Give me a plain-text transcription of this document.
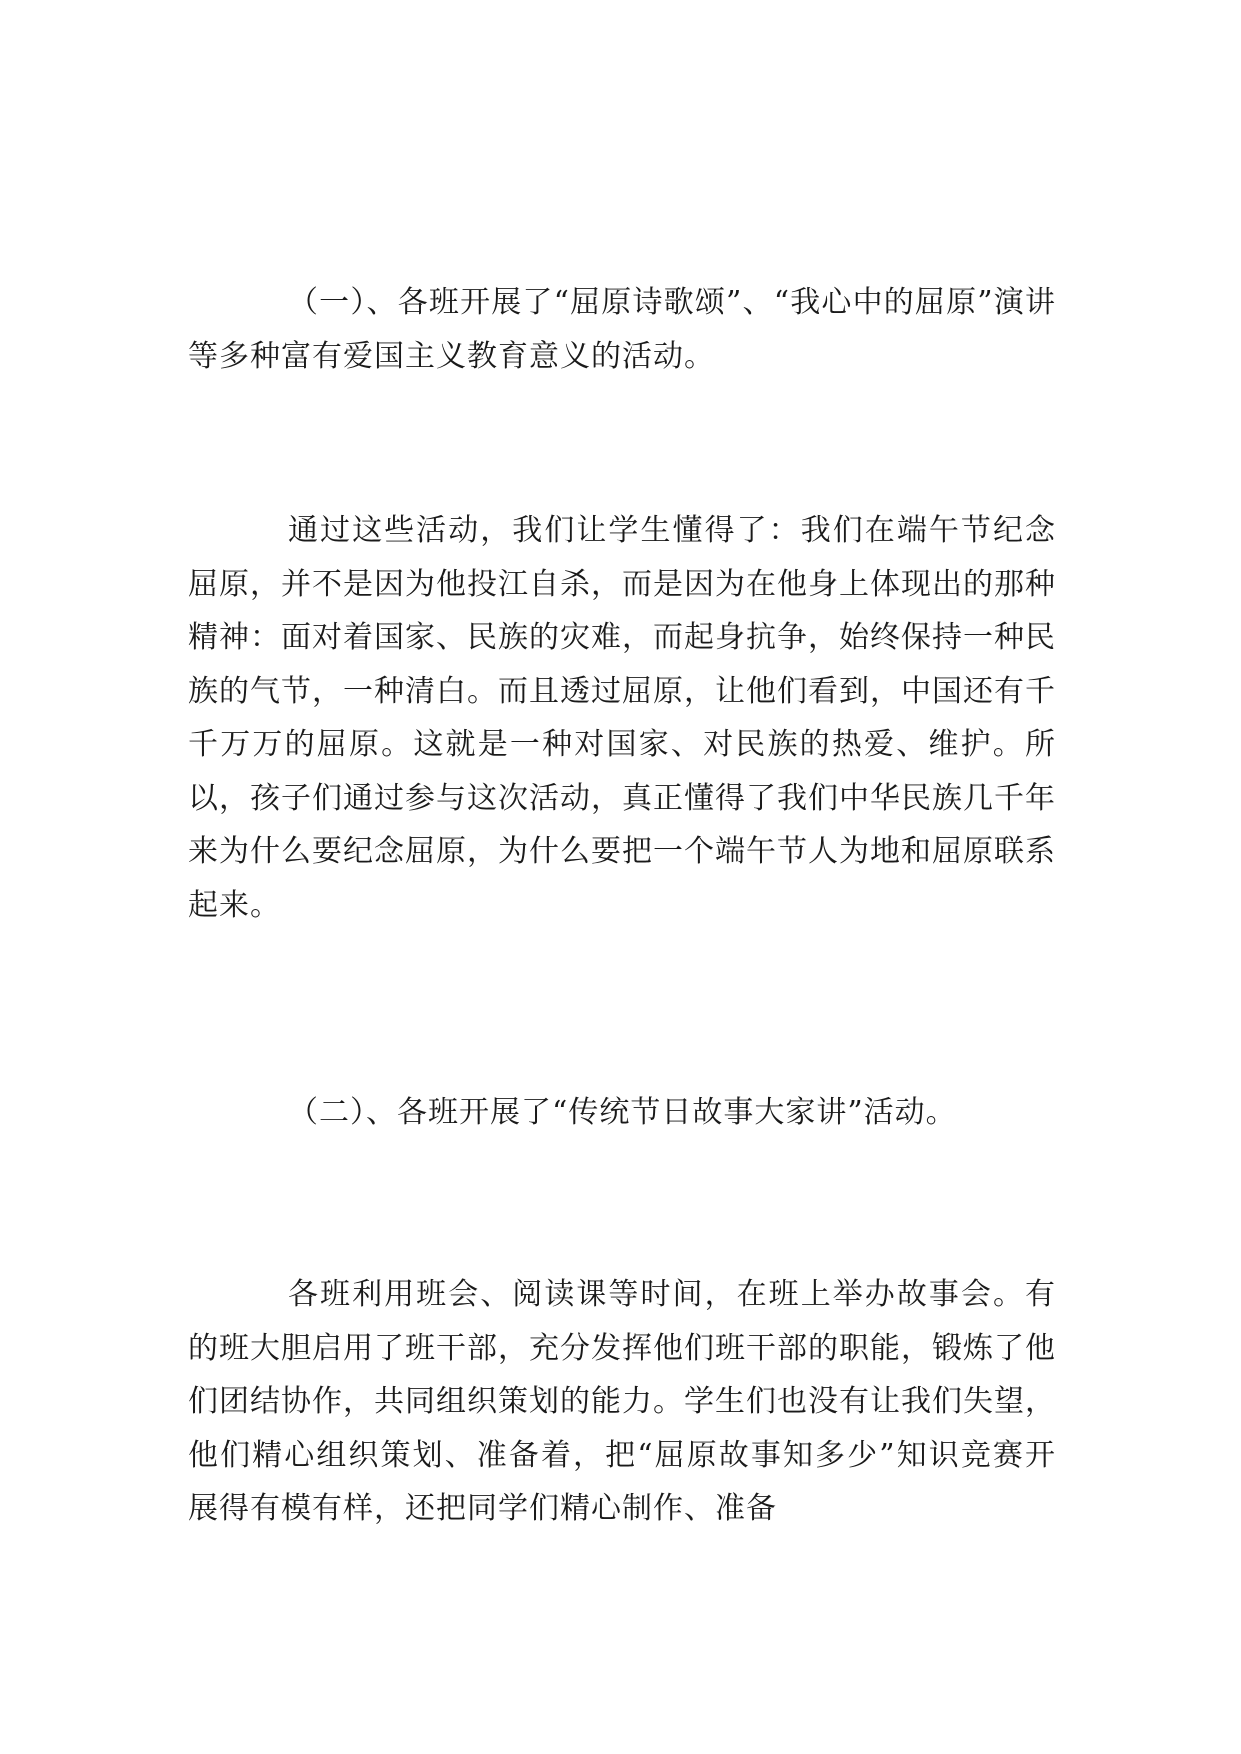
（一）、各班开展了“屈原诗歌颂”、“我心中的屈原”演讲等多种富有爱国主义教育意义的活动。

通过这些活动，我们让学生懂得了：我们在端午节纪念屈原，并不是因为他投江自杀，而是因为在他身上体现出的那种精神：面对着国家、民族的灾难，而起身抗争，始终保持一种民族的气节，一种清白。而且透过屈原，让他们看到，中国还有千千万万的屈原。这就是一种对国家、对民族的热爱、维护。所以，孩子们通过参与这次活动，真正懂得了我们中华民族几千年来为什么要纪念屈原，为什么要把一个端午节人为地和屈原联系起来。

（二）、各班开展了“传统节日故事大家讲”活动。

各班利用班会、阅读课等时间，在班上举办故事会。有的班大胆启用了班干部，充分发挥他们班干部的职能，锻炼了他们团结协作，共同组织策划的能力。学生们也没有让我们失望，他们精心组织策划、准备着，把“屈原故事知多少”知识竞赛开展得有模有样，还把同学们精心制作、准备
